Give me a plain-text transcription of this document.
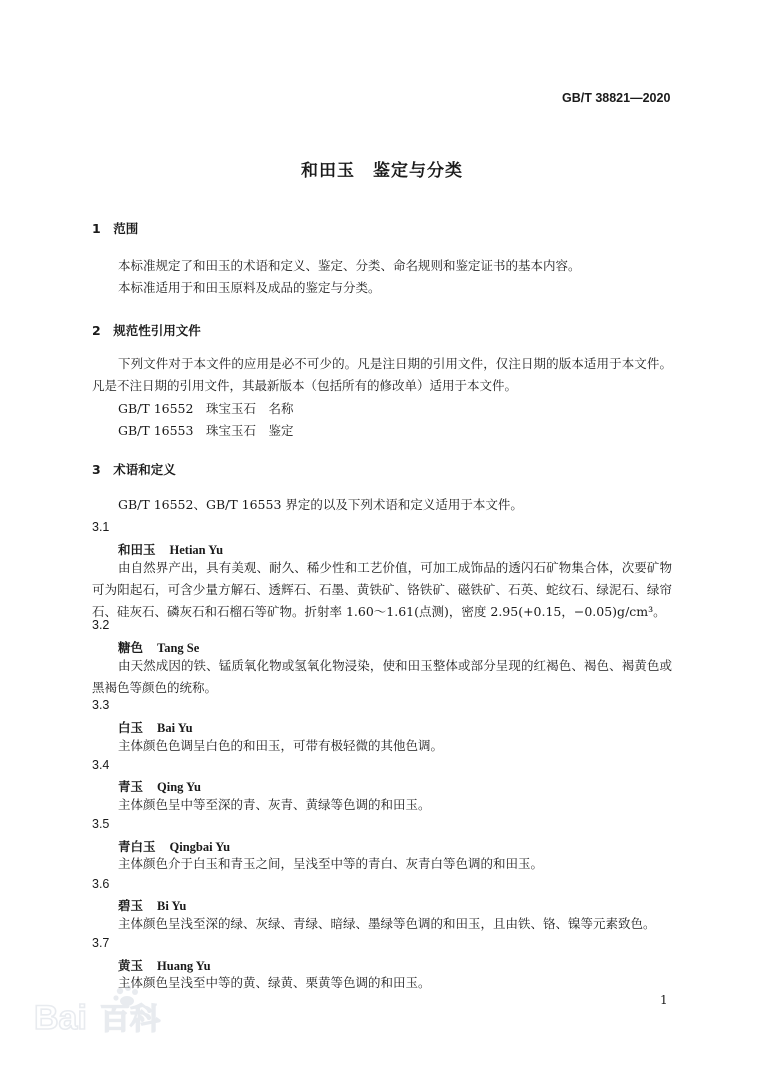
GB/T 38821—2020
和田玉　鉴定与分类
1　范围
本标准规定了和田玉的术语和定义、鉴定、分类、命名规则和鉴定证书的基本内容。
本标准适用于和田玉原料及成品的鉴定与分类。
2　规范性引用文件
下列文件对于本文件的应用是必不可少的。凡是注日期的引用文件，仅注日期的版本适用于本文件。凡是不注日期的引用文件，其最新版本（包括所有的修改单）适用于本文件。
GB/T 16552　珠宝玉石　名称
GB/T 16553　珠宝玉石　鉴定
3　术语和定义
GB/T 16552、GB/T 16553 界定的以及下列术语和定义适用于本文件。
3.1
和田玉 Hetian Yu
由自然界产出，具有美观、耐久、稀少性和工艺价值，可加工成饰品的透闪石矿物集合体，次要矿物可为阳起石，可含少量方解石、透辉石、石墨、黄铁矿、铬铁矿、磁铁矿、石英、蛇纹石、绿泥石、绿帘石、硅灰石、磷灰石和石榴石等矿物。折射率 1.60～1.61(点测)，密度 2.95(+0.15，−0.05)g/cm³。
3.2
糖色 Tang Se
由天然成因的铁、锰质氧化物或氢氧化物浸染，使和田玉整体或部分呈现的红褐色、褐色、褐黄色或黑褐色等颜色的统称。
3.3
白玉 Bai Yu
主体颜色色调呈白色的和田玉，可带有极轻微的其他色调。
3.4
青玉 Qing Yu
主体颜色呈中等至深的青、灰青、黄绿等色调的和田玉。
3.5
青白玉 Qingbai Yu
主体颜色介于白玉和青玉之间，呈浅至中等的青白、灰青白等色调的和田玉。
3.6
碧玉 Bi Yu
主体颜色呈浅至深的绿、灰绿、青绿、暗绿、墨绿等色调的和田玉，且由铁、铬、镍等元素致色。
3.7
黄玉 Huang Yu
主体颜色呈浅至中等的黄、绿黄、栗黄等色调的和田玉。
1
Bai 百科
